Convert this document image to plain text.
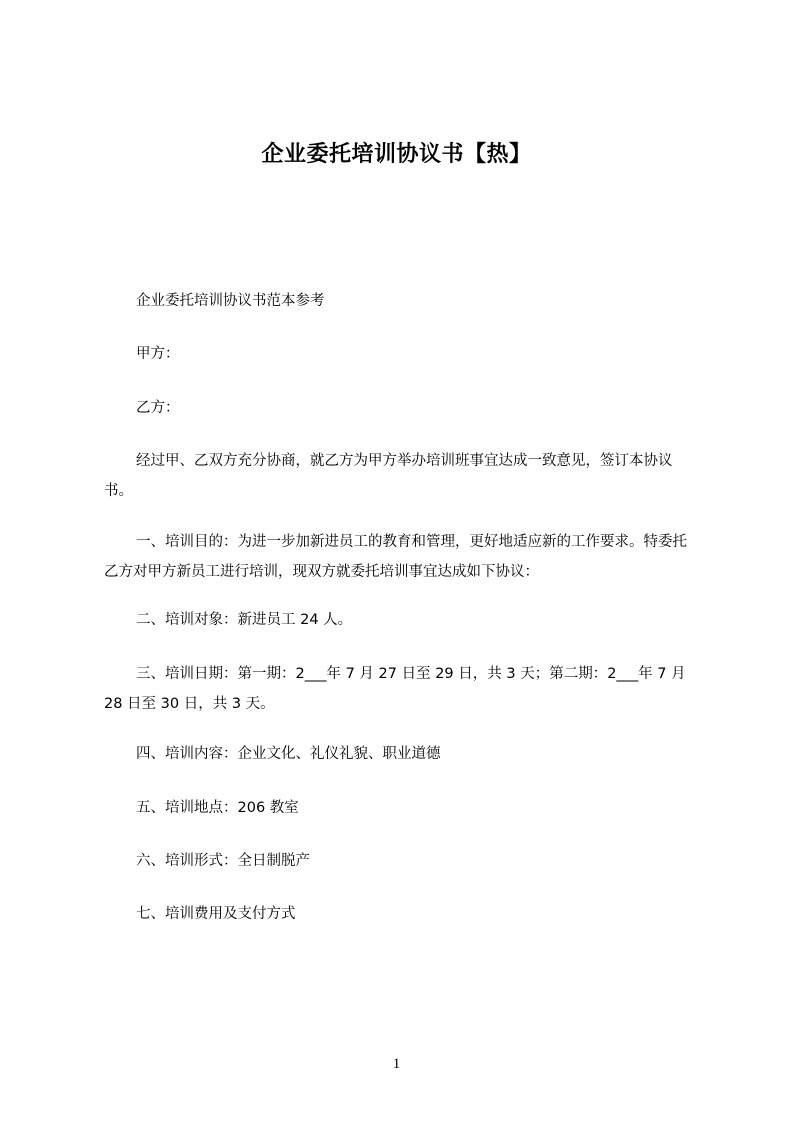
企业委托培训协议书【热】
企业委托培训协议书范本参考
甲方：
乙方：
经过甲、乙双方充分协商，就乙方为甲方举办培训班事宜达成一致意见，签订本协议书。
一、培训目的：为进一步加新进员工的教育和管理，更好地适应新的工作要求。特委托乙方对甲方新员工进行培训，现双方就委托培训事宜达成如下协议：
二、培训对象：新进员工 24 人。
三、培训日期：第一期：2___年 7 月 27 日至 29 日，共 3 天；第二期：2___年 7 月 28 日至 30 日，共 3 天。
四、培训内容：企业文化、礼仪礼貌、职业道德
五、培训地点：206 教室
六、培训形式：全日制脱产
七、培训费用及支付方式
1
